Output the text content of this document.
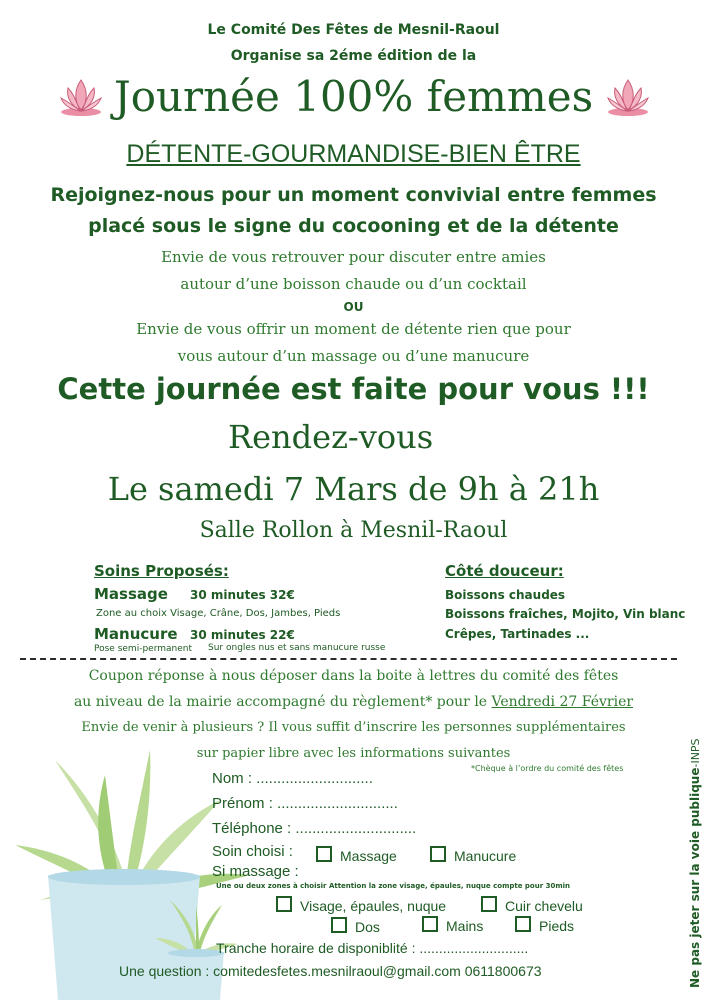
Le Comité Des Fêtes de Mesnil-Raoul
Organise sa 2éme édition de la
Journée 100% femmes
DÉTENTE-GOURMANDISE-BIEN ÊTRE
Rejoignez-nous pour un moment convivial entre femmes
placé sous le signe du cocooning et de la détente
Envie de vous retrouver pour discuter entre amies
autour d’une boisson chaude ou d’un cocktail
OU
Envie de vous offrir un moment de détente rien que pour
vous autour d’un massage ou d’une manucure
Cette journée est faite pour vous !!!
Rendez-vous
Le samedi 7 Mars de 9h à 21h
Salle Rollon à Mesnil-Raoul
Soins Proposés:
Massage 30 minutes 32€
Zone au choix Visage, Crâne, Dos, Jambes, Pieds
Manucure 30 minutes 22€
Pose semi-permanent Sur ongles nus et sans manucure russe
Côté douceur:
Boissons chaudes
Boissons fraîches, Mojito, Vin blanc
Crêpes, Tartinades ...
Coupon réponse à nous déposer dans la boite à lettres du comité des fêtes
au niveau de la mairie accompagné du règlement* pour le Vendredi 27 Février
Envie de venir à plusieurs ? Il vous suffit d’inscrire les personnes supplémentaires
sur papier libre avec les informations suivantes
*Chèque à l’ordre du comité des fêtes
Nom : ............................
Prénom : .............................
Téléphone : .............................
Soin choisi :	Massage	Manucure
Si massage :
Une ou deux zones à choisir Attention la zone visage, épaules, nuque compte pour 30min
Visage, épaules, nuque	Cuir chevelu
Dos	Mains	Pieds
Tranche horaire de disponiblité : ............................
Une question : comitedesfetes.mesnilraoul@gmail.com 0611800673	Ne pas jeter sur la voie publique-INPS
